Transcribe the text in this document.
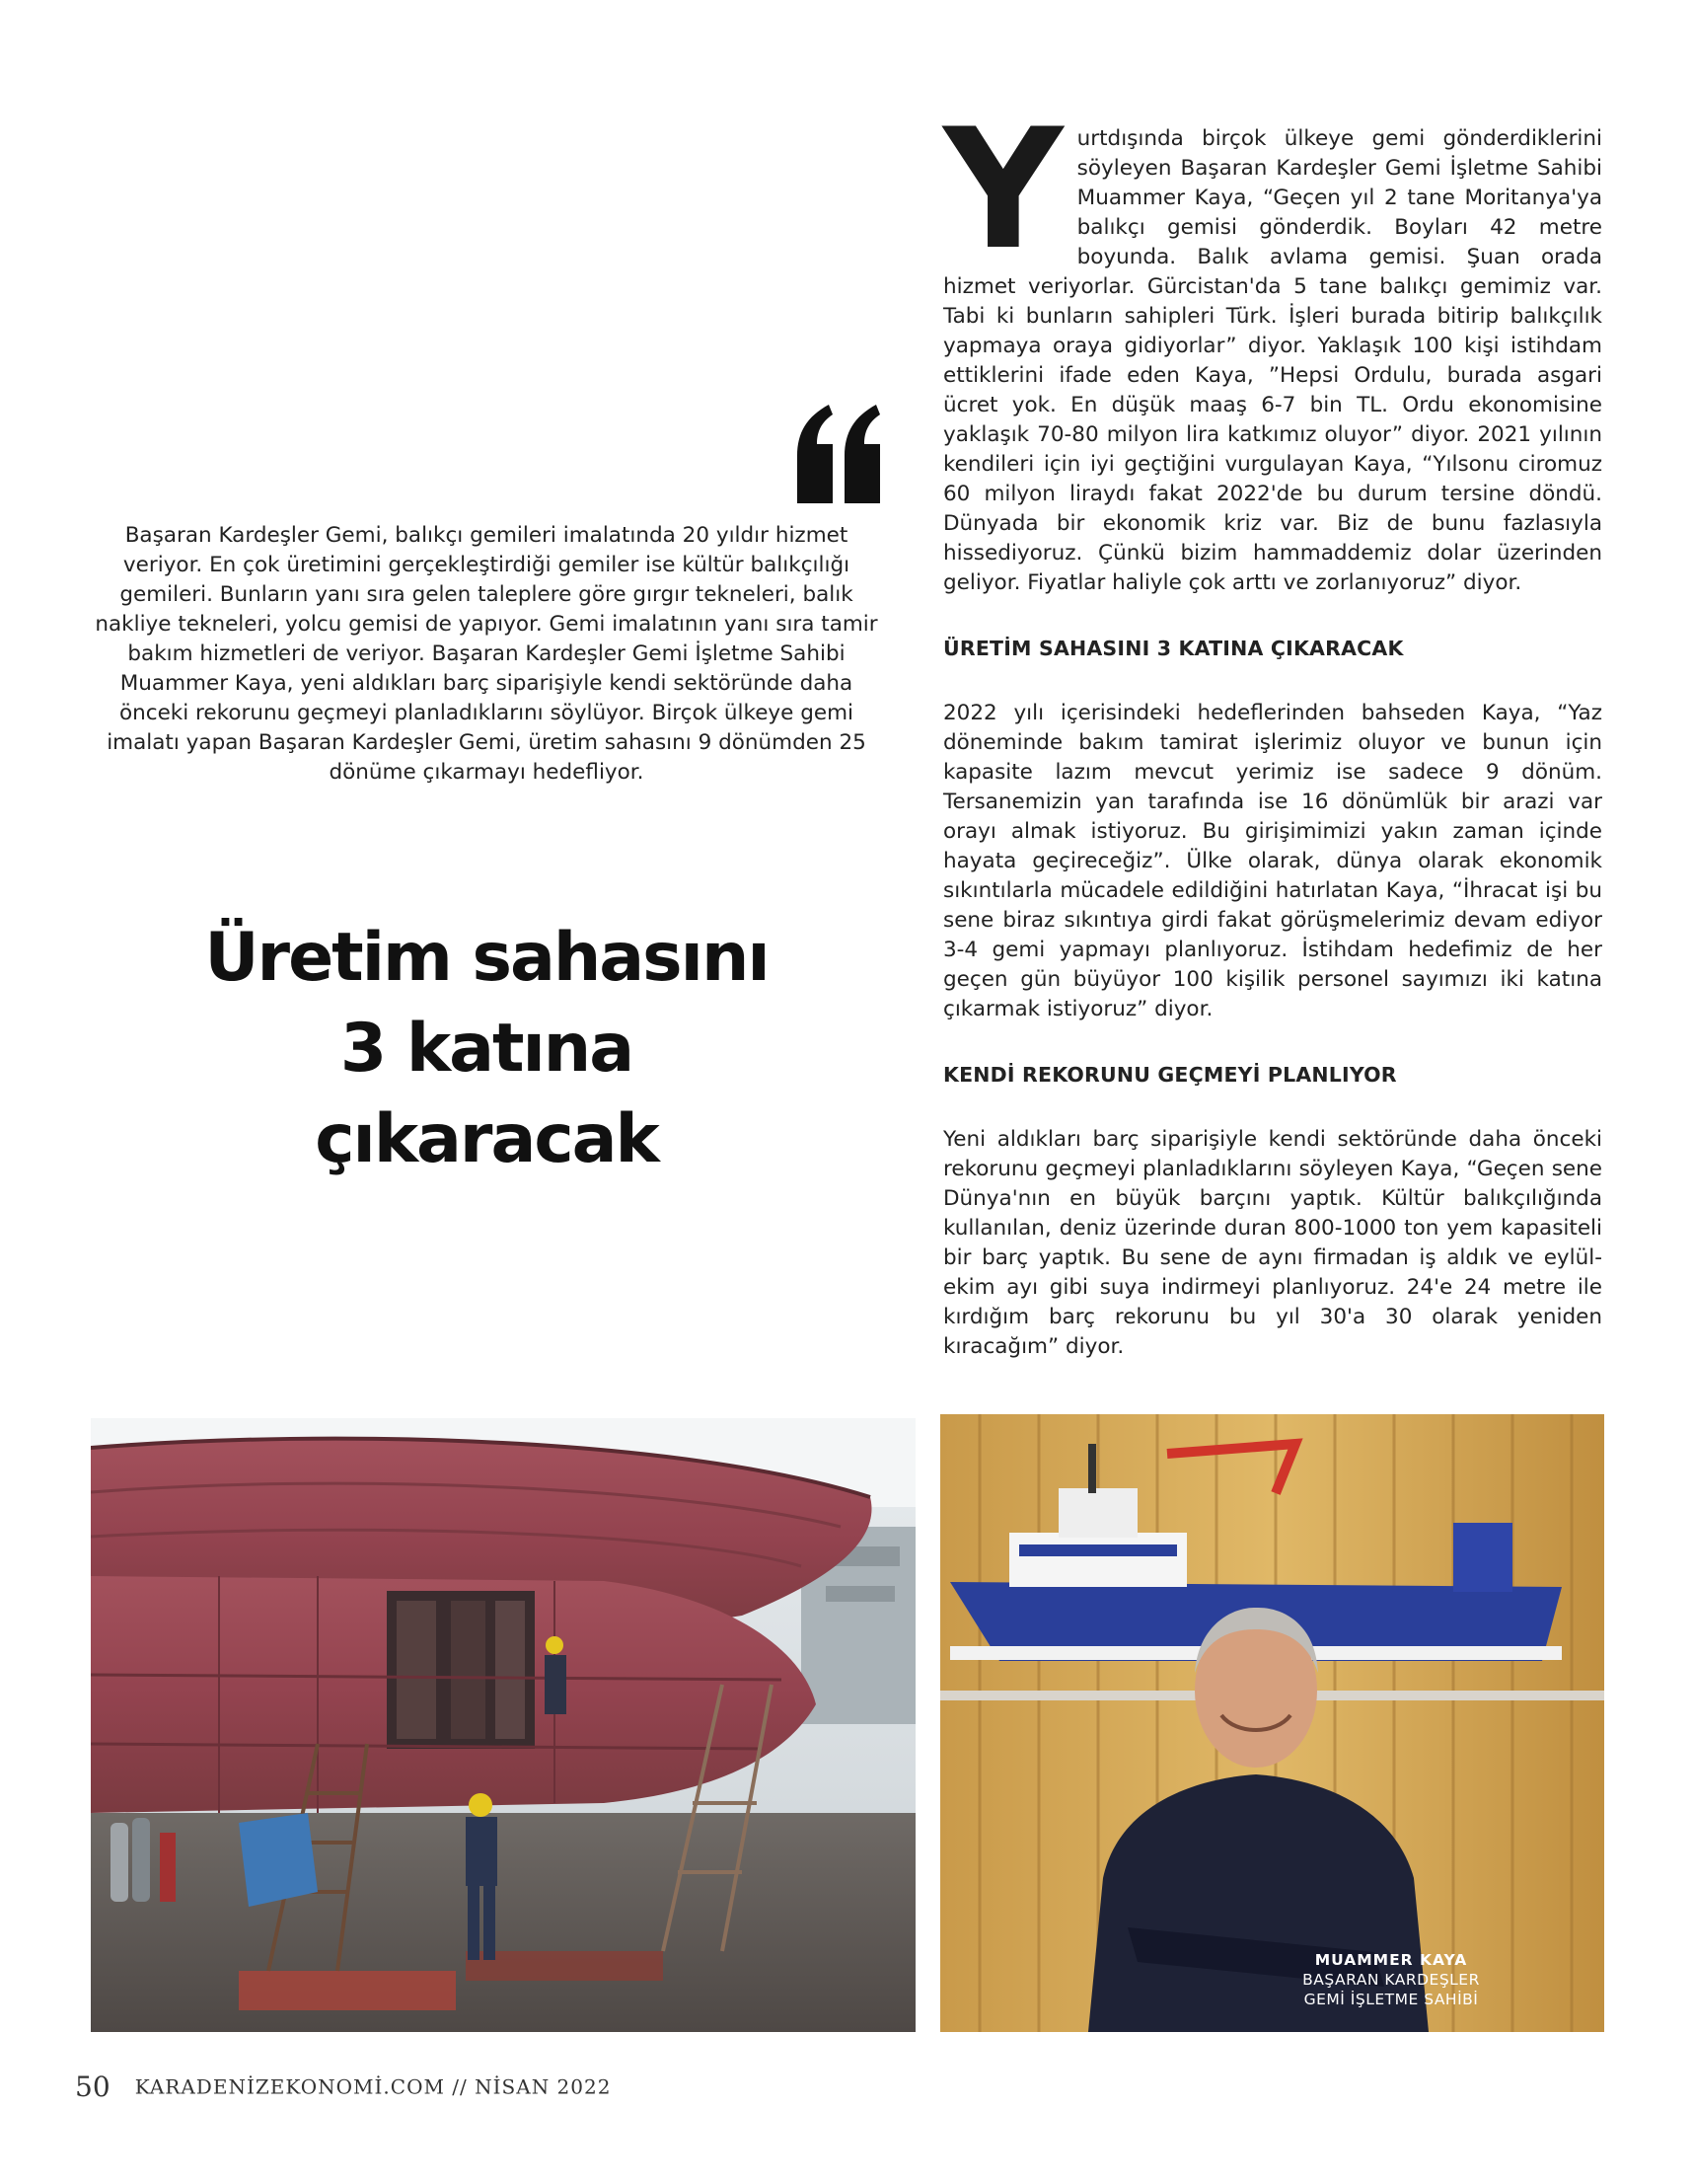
Başaran Kardeşler Gemi, balıkçı gemileri imalatında 20 yıldır hizmet veriyor. En çok üretimini gerçekleştirdiği gemiler ise kültür balıkçılığı gemileri. Bunların yanı sıra gelen taleplere göre gırgır tekneleri, balık nakliye tekneleri, yolcu gemisi de yapıyor. Gemi imalatının yanı sıra tamir bakım hizmetleri de veriyor. Başaran Kardeşler Gemi İşletme Sahibi Muammer Kaya, yeni aldıkları barç siparişiyle kendi sektöründe daha önceki rekorunu geçmeyi planladıklarını söylüyor. Birçok ülkeye gemi imalatı yapan Başaran Kardeşler Gemi, üretim sahasını 9 dönümden 25 dönüme çıkarmayı hedefliyor.

Üretim sahasını
3 katına
çıkaracak

Yurtdışında birçok ülkeye gemi gönderdiklerini söyleyen Başaran Kardeşler Gemi İşletme Sahibi Muammer Kaya, “Geçen yıl 2 tane Moritanya'ya balıkçı gemisi gönderdik. Boyları 42 metre boyunda. Balık avlama gemisi. Şuan orada hizmet veriyorlar. Gürcistan'da 5 tane balıkçı gemimiz var. Tabi ki bunların sahipleri Türk. İşleri burada bitirip balıkçılık yapmaya oraya gidiyorlar” diyor. Yaklaşık 100 kişi istihdam ettiklerini ifade eden Kaya, ”Hepsi Ordulu, burada asgari ücret yok. En düşük maaş 6-7 bin TL. Ordu ekonomisine yaklaşık 70-80 milyon lira katkımız oluyor” diyor. 2021 yılının kendileri için iyi geçtiğini vurgulayan Kaya, “Yılsonu ciromuz 60 milyon liraydı fakat 2022'de bu durum tersine döndü. Dünyada bir ekonomik kriz var. Biz de bunu fazlasıyla hissediyoruz. Çünkü bizim hammaddemiz dolar üzerinden geliyor. Fiyatlar haliyle çok arttı ve zorlanıyoruz” diyor.

ÜRETİM SAHASINI 3 KATINA ÇIKARACAK

2022 yılı içerisindeki hedeflerinden bahseden Kaya, “Yaz döneminde bakım tamirat işlerimiz oluyor ve bunun için kapasite lazım mevcut yerimiz ise sadece 9 dönüm. Tersanemizin yan tarafında ise 16 dönümlük bir arazi var orayı almak istiyoruz. Bu girişimimizi yakın zaman içinde hayata geçireceğiz”. Ülke olarak, dünya olarak ekonomik sıkıntılarla mücadele edildiğini hatırlatan Kaya, “İhracat işi bu sene biraz sıkıntıya girdi fakat görüşmelerimiz devam ediyor 3-4 gemi yapmayı planlıyoruz. İstihdam hedefimiz de her geçen gün büyüyor 100 kişilik personel sayımızı iki katına çıkarmak istiyoruz” diyor.

KENDİ REKORUNU GEÇMEYİ PLANLIYOR

Yeni aldıkları barç siparişiyle kendi sektöründe daha önceki rekorunu geçmeyi planladıklarını söyleyen Kaya, “Geçen sene Dünya'nın en büyük barçını yaptık. Kültür balıkçılığında kullanılan, deniz üzerinde duran 800-1000 ton yem kapasiteli bir barç yaptık. Bu sene de aynı firmadan iş aldık ve eylül-ekim ayı gibi suya indirmeyi planlıyoruz. 24'e 24 metre ile kırdığım barç rekorunu bu yıl 30'a 30 olarak yeniden kıracağım” diyor.

MUAMMER KAYA
BAŞARAN KARDEŞLER
GEMİ İŞLETME SAHİBİ
50 KARADENİZEKONOMİ.COM // NİSAN 2022
